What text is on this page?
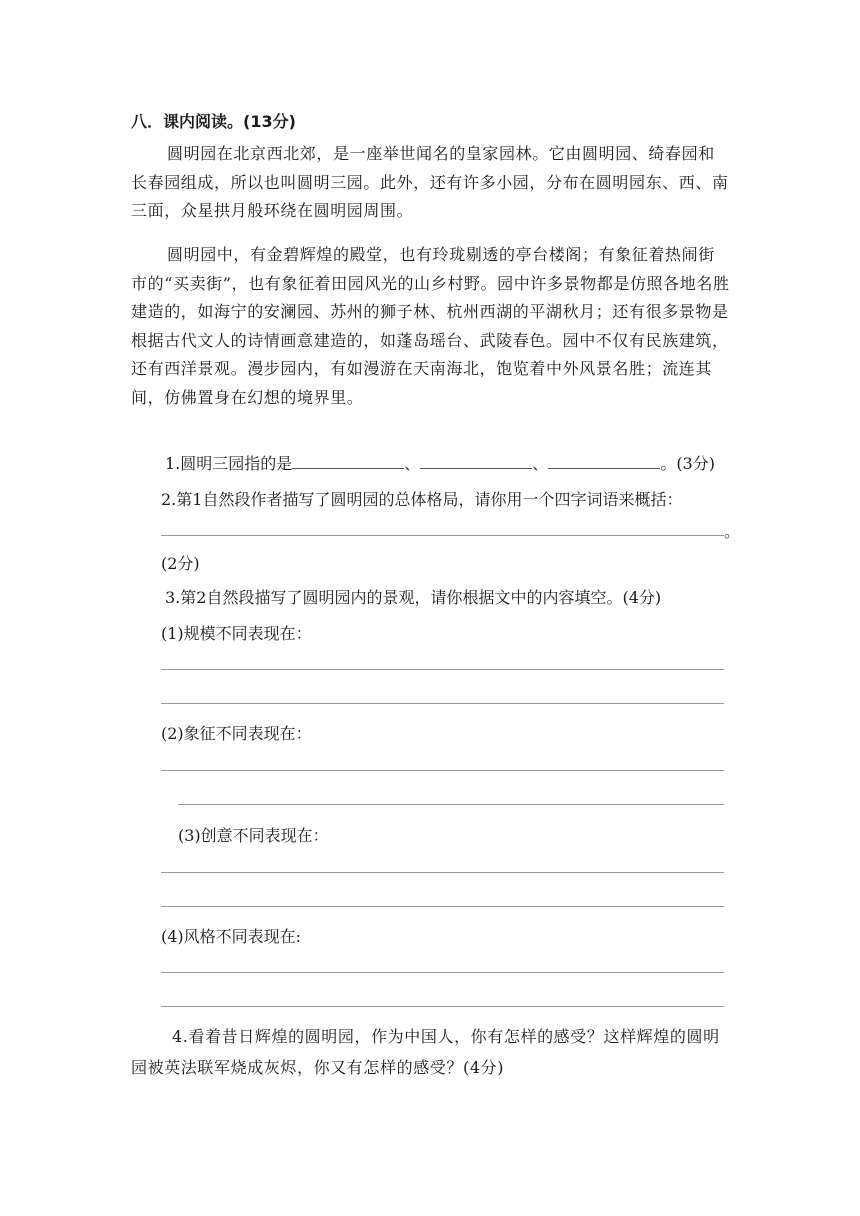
八．课内阅读。(13分)
圆明园在北京西北郊，是一座举世闻名的皇家园林。它由圆明园、绮春园和长春园组成，所以也叫圆明三园。此外，还有许多小园，分布在圆明园东、西、南三面，众星拱月般环绕在圆明园周围。
圆明园中，有金碧辉煌的殿堂，也有玲珑剔透的亭台楼阁；有象征着热闹街市的“买卖街”，也有象征着田园风光的山乡村野。园中许多景物都是仿照各地名胜建造的，如海宁的安澜园、苏州的狮子林、杭州西湖的平湖秋月；还有很多景物是根据古代文人的诗情画意建造的，如蓬岛瑶台、武陵春色。园中不仅有民族建筑，还有西洋景观。漫步园内，有如漫游在天南海北，饱览着中外风景名胜；流连其间，仿佛置身在幻想的境界里。
1.圆明三园指的是	、	、	。(3分)
2.第1自然段作者描写了圆明园的总体格局，请你用一个四字词语来概括：
。
(2分)
3.第2自然段描写了圆明园内的景观，请你根据文中的内容填空。(4分)
(1)规模不同表现在：
(2)象征不同表现在：
(3)创意不同表现在：
(4)风格不同表现在:
4.看着昔日辉煌的圆明园，作为中国人，你有怎样的感受？这样辉煌的圆明
园被英法联军烧成灰烬，你又有怎样的感受？(4分)
